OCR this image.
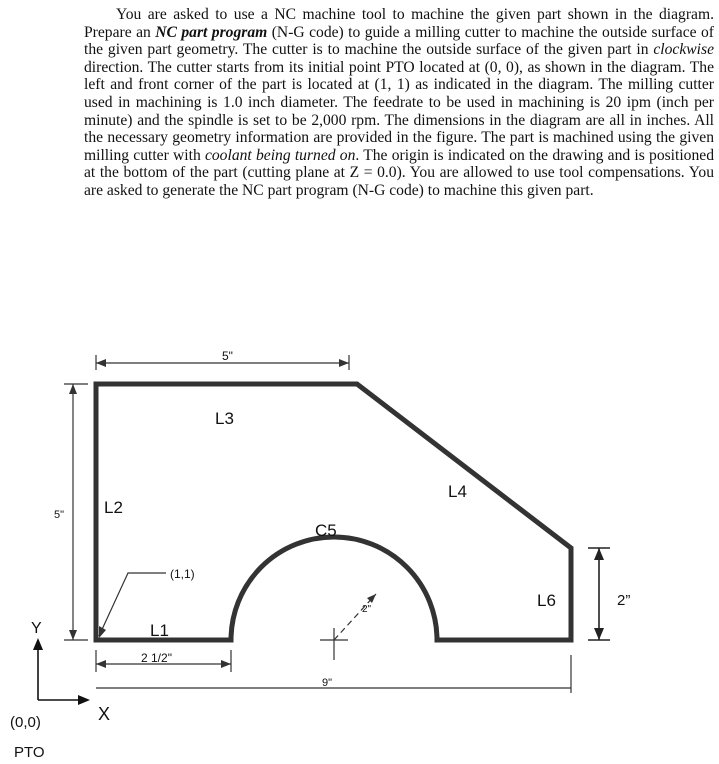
You are asked to use a NC machine tool to machine the given part shown in the diagram. Prepare an NC part program (N-G code) to guide a milling cutter to machine the outside surface of the given part geometry. The cutter is to machine the outside surface of the given part in clockwise direction. The cutter starts from its initial point PTO located at (0, 0), as shown in the diagram. The left and front corner of the part is located at (1, 1) as indicated in the diagram. The milling cutter used in machining is 1.0 inch diameter. The feedrate to be used in machining is 20 ipm (inch per minute) and the spindle is set to be 2,000 rpm. The dimensions in the diagram are all in inches. All the necessary geometry information are provided in the figure. The part is machined using the given milling cutter with coolant being turned on. The origin is indicated on the drawing and is positioned at the bottom of the part (cutting plane at Z = 0.0). You are allowed to use tool compensations. You are asked to generate the NC part program (N-G code) to machine this given part.
5"
5"
2”
2 1/2"
9"
2"
L1
L2
L3
L4
L6
C5
(1,1)
Y
X
(0,0)
PTO
